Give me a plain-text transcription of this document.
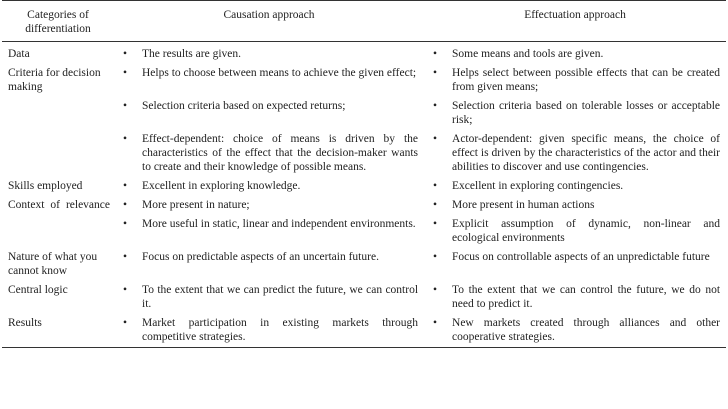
Categories of differentiation	Causation approach		Effectuation approach	
Data	•	The results are given.	•	Some means and tools are given.
Criteria for decision making	•	Helps to choose between means to achieve the given effect;	•	Helps select between possible effects that can be created from given means;
	•	Selection criteria based on expected returns;	•	Selection criteria based on tolerable losses or acceptable risk;
	•	Effect-dependent: choice of means is driven by the characteristics of the effect that the decision-maker wants to create and their knowledge of possible means.	•	Actor-dependent: given specific means, the choice of effect is driven by the characteristics of the actor and their abilities to discover and use contingencies.
Skills employed	•	Excellent in exploring knowledge.	•	Excellent in exploring contingencies.
Context of relevance	•	More present in nature;	•	More present in human actions
	•	More useful in static, linear and independent environments.	•	Explicit assumption of dynamic, non-linear and ecological environments
Nature of what you cannot know	•	Focus on predictable aspects of an uncertain future.	•	Focus on controllable aspects of an unpredictable future
Central logic	•	To the extent that we can predict the future, we can control it.	•	To the extent that we can control the future, we do not need to predict it.
Results	•	Market participation in existing markets through competitive strategies.	•	New markets created through alliances and other cooperative strategies.
